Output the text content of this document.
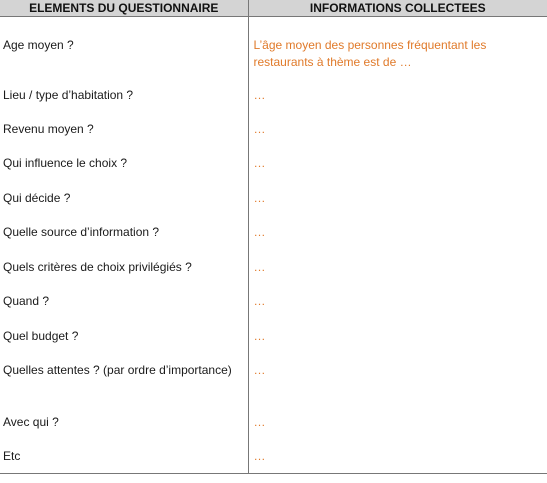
ELEMENTS DU QUESTIONNAIRE	INFORMATIONS COLLECTEES
Age moyen ?	L’âge moyen des personnes fréquentant les restaurants à thème est de …
Lieu / type d’habitation ?	…
Revenu moyen ?	…
Qui influence le choix ?	…
Qui décide ?	…
Quelle source d’information ?	…
Quels critères de choix privilégiés ?	…
Quand ?	…
Quel budget ?	…
Quelles attentes ? (par ordre d’importance)	…
Avec qui ?	…
Etc	…
